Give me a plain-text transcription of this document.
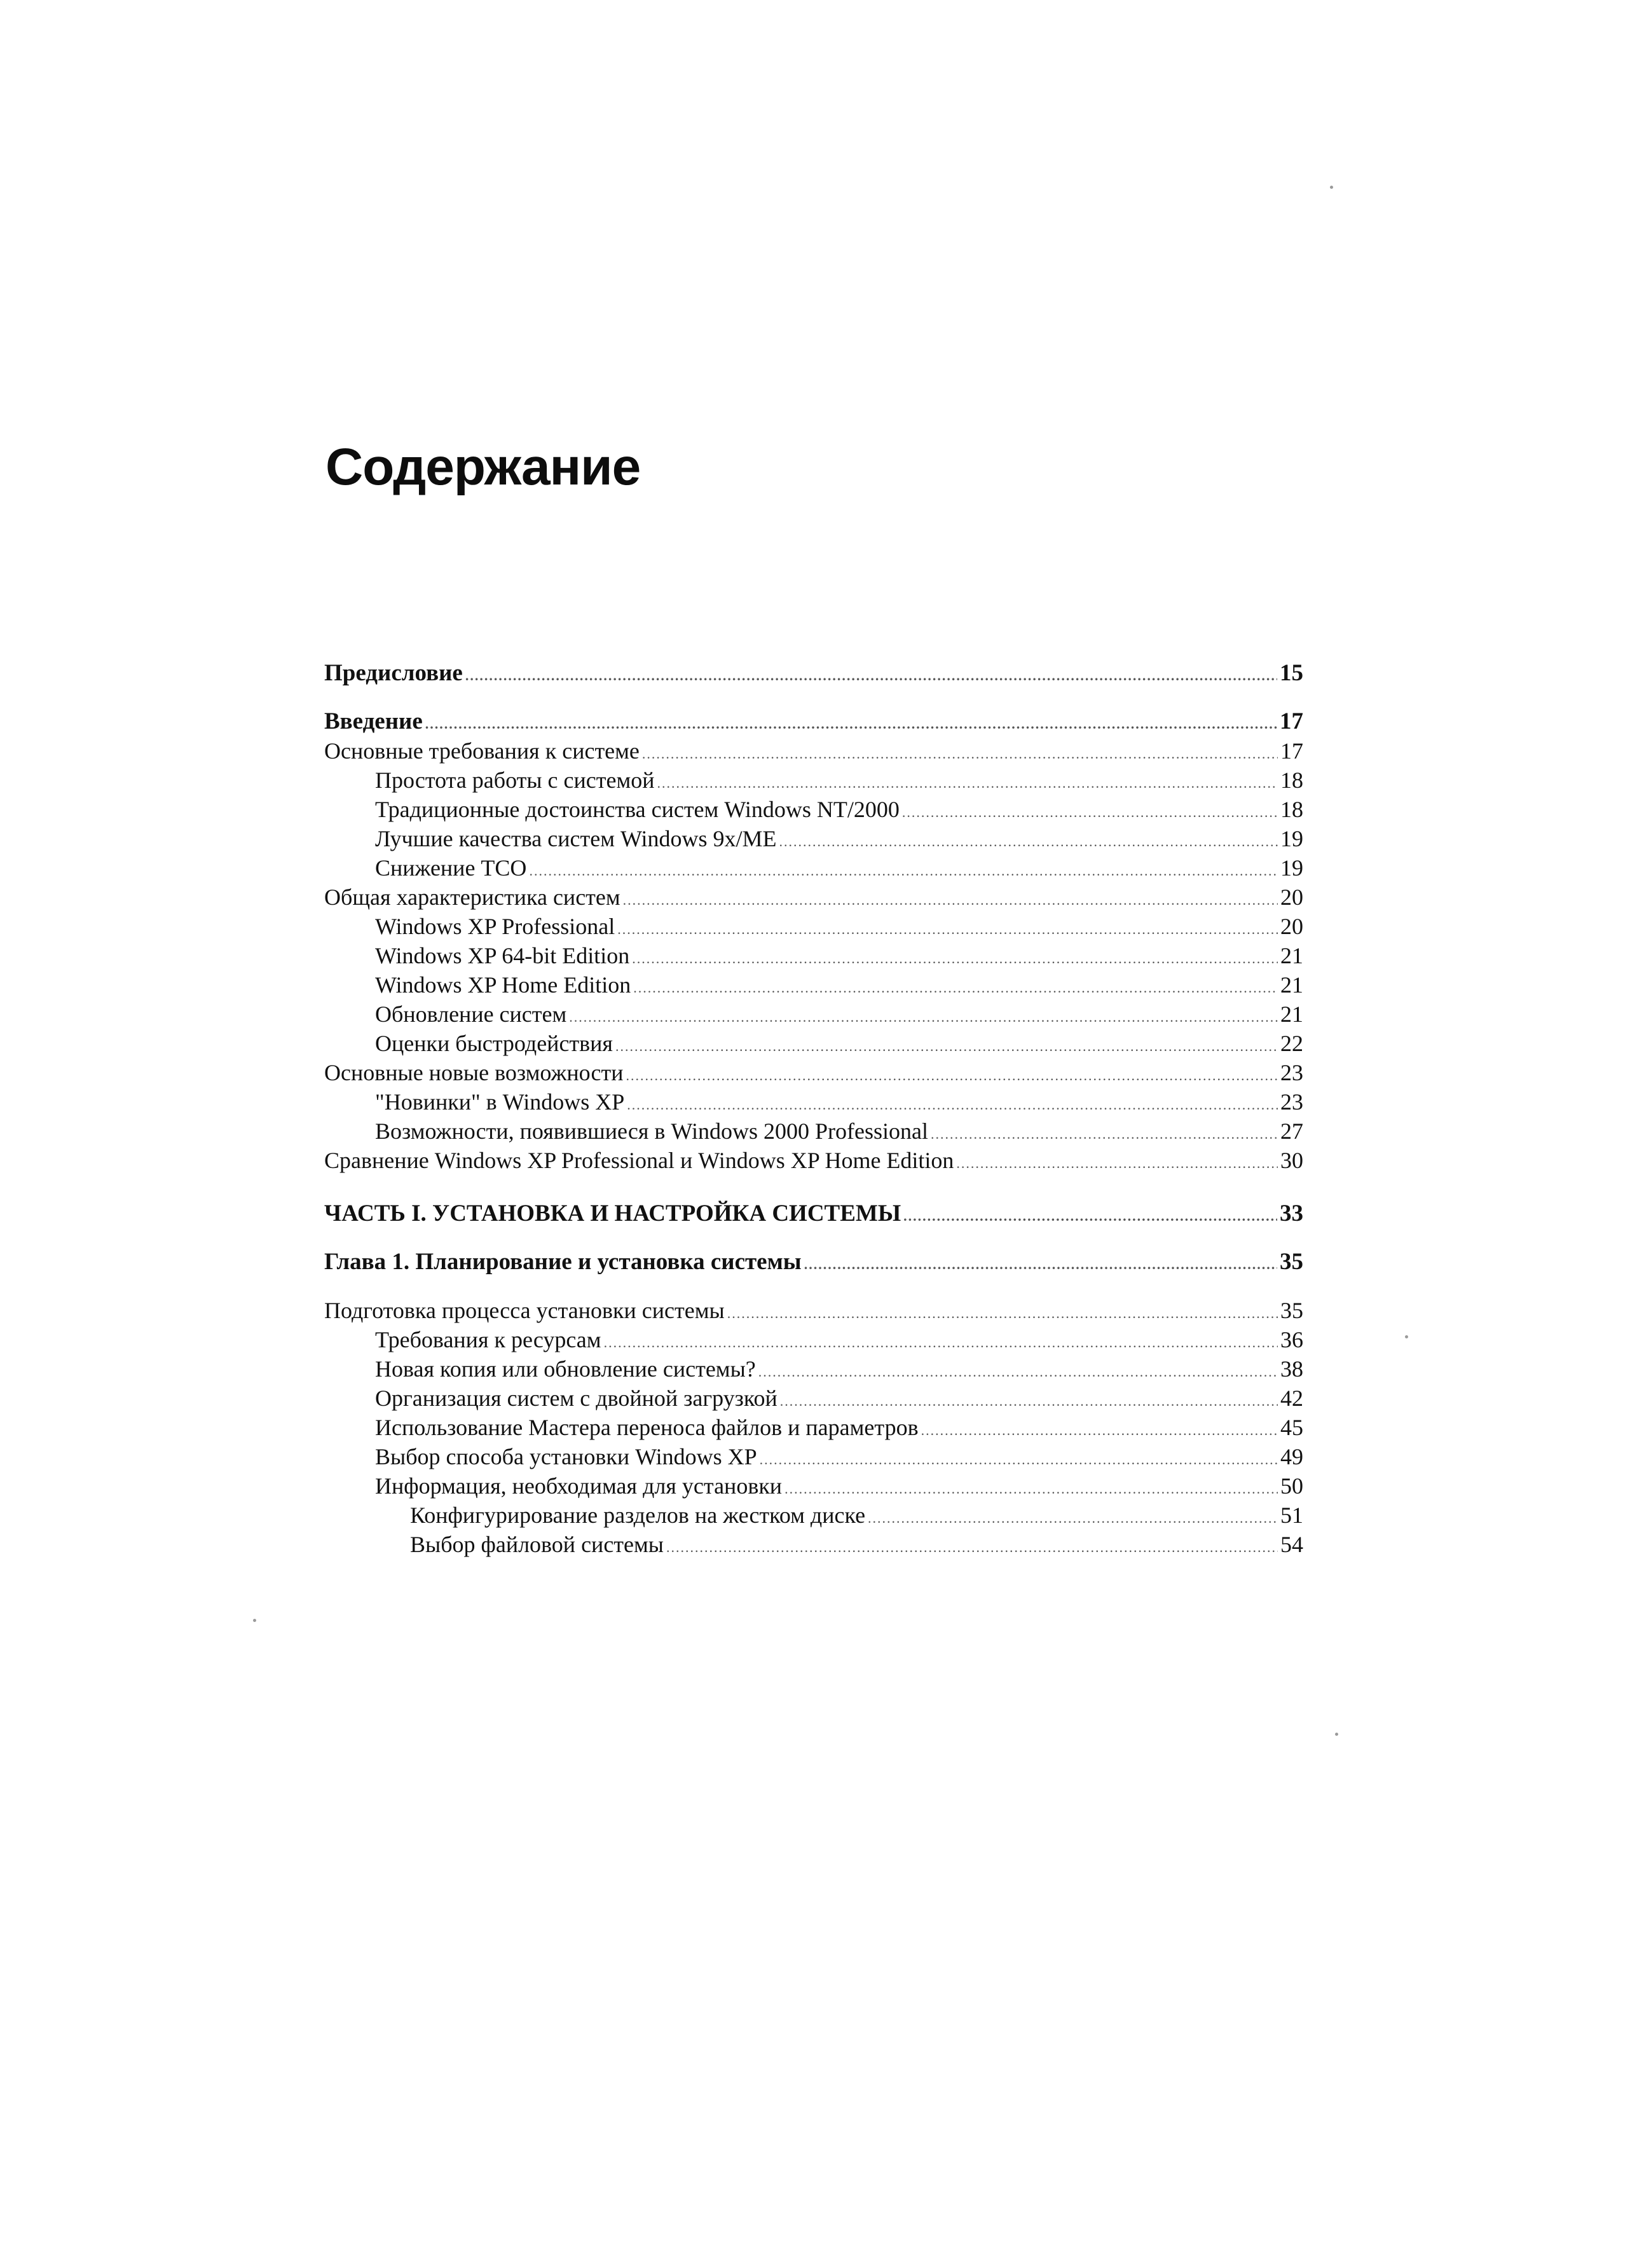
Содержание
Предисловие .....	15
Введение .....	17
Основные требования к системе .....	17
Простота работы с системой .....	18
Традиционные достоинства систем Windows NT/2000 .....	18
Лучшие качества систем Windows 9x/ME .....	19
Снижение TCO .....	19
Общая характеристика систем .....	20
Windows XP Professional .....	20
Windows XP 64-bit Edition .....	21
Windows XP Home Edition .....	21
Обновление систем .....	21
Оценки быстродействия .....	22
Основные новые возможности .....	23
"Новинки" в Windows XP .....	23
Возможности, появившиеся в Windows 2000 Professional .....	27
Сравнение Windows XP Professional и Windows XP Home Edition .....	30
ЧАСТЬ I. УСТАНОВКА И НАСТРОЙКА СИСТЕМЫ .....	33
Глава 1. Планирование и установка системы .....	35
Подготовка процесса установки системы .....	35
Требования к ресурсам .....	36
Новая копия или обновление системы? .....	38
Организация систем с двойной загрузкой .....	42
Использование Мастера переноса файлов и параметров .....	45
Выбор способа установки Windows XP .....	49
Информация, необходимая для установки .....	50
Конфигурирование разделов на жестком диске .....	51
Выбор файловой системы .....	54
